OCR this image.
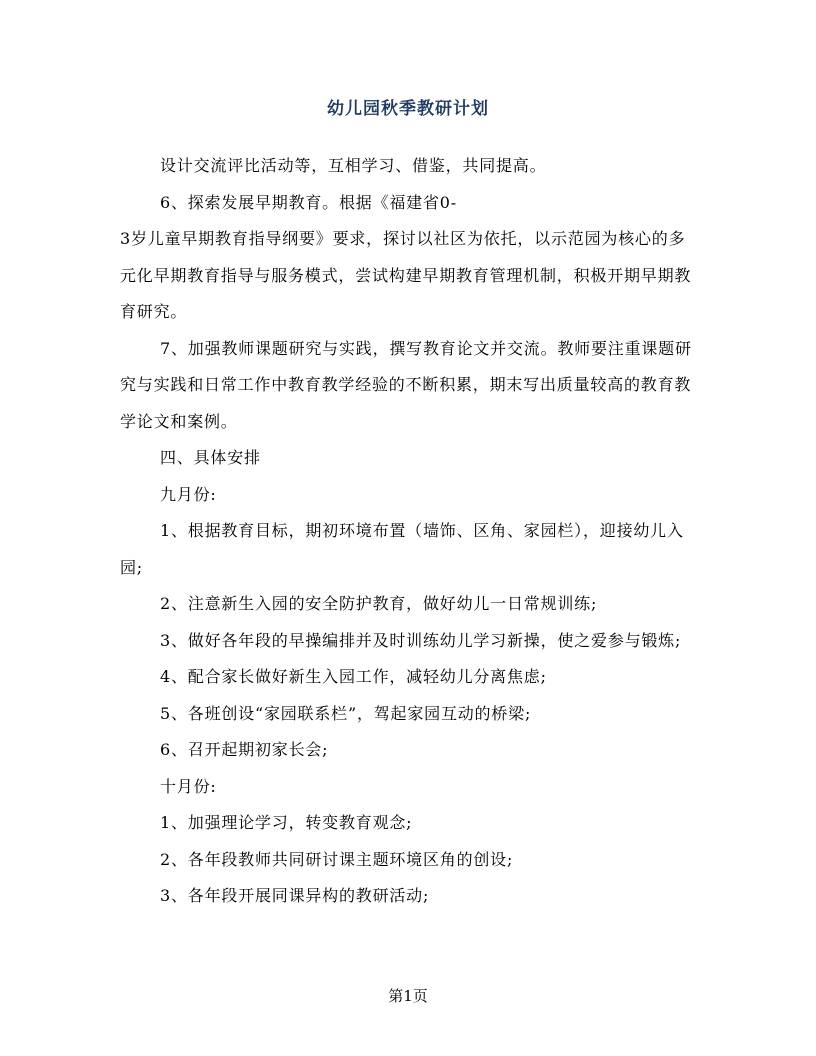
幼儿园秋季教研计划

设计交流评比活动等，互相学习、借鉴，共同提高。

6、探索发展早期教育。根据《福建省0-

3岁儿童早期教育指导纲要》要求，探讨以社区为依托，以示范园为核心的多元化早期教育指导与服务模式，尝试构建早期教育管理机制，积极开期早期教育研究。

7、加强教师课题研究与实践，撰写教育论文并交流。教师要注重课题研究与实践和日常工作中教育教学经验的不断积累，期末写出质量较高的教育教学论文和案例。

四、具体安排

九月份:

1、根据教育目标，期初环境布置（墙饰、区角、家园栏），迎接幼儿入园;

2、注意新生入园的安全防护教育，做好幼儿一日常规训练;

3、做好各年段的早操编排并及时训练幼儿学习新操，使之爱参与锻炼;

4、配合家长做好新生入园工作，减轻幼儿分离焦虑;

5、各班创设“家园联系栏”，驾起家园互动的桥梁;

6、召开起期初家长会;

十月份:

1、加强理论学习，转变教育观念;

2、各年段教师共同研讨课主题环境区角的创设;

3、各年段开展同课异构的教研活动;

第1页
